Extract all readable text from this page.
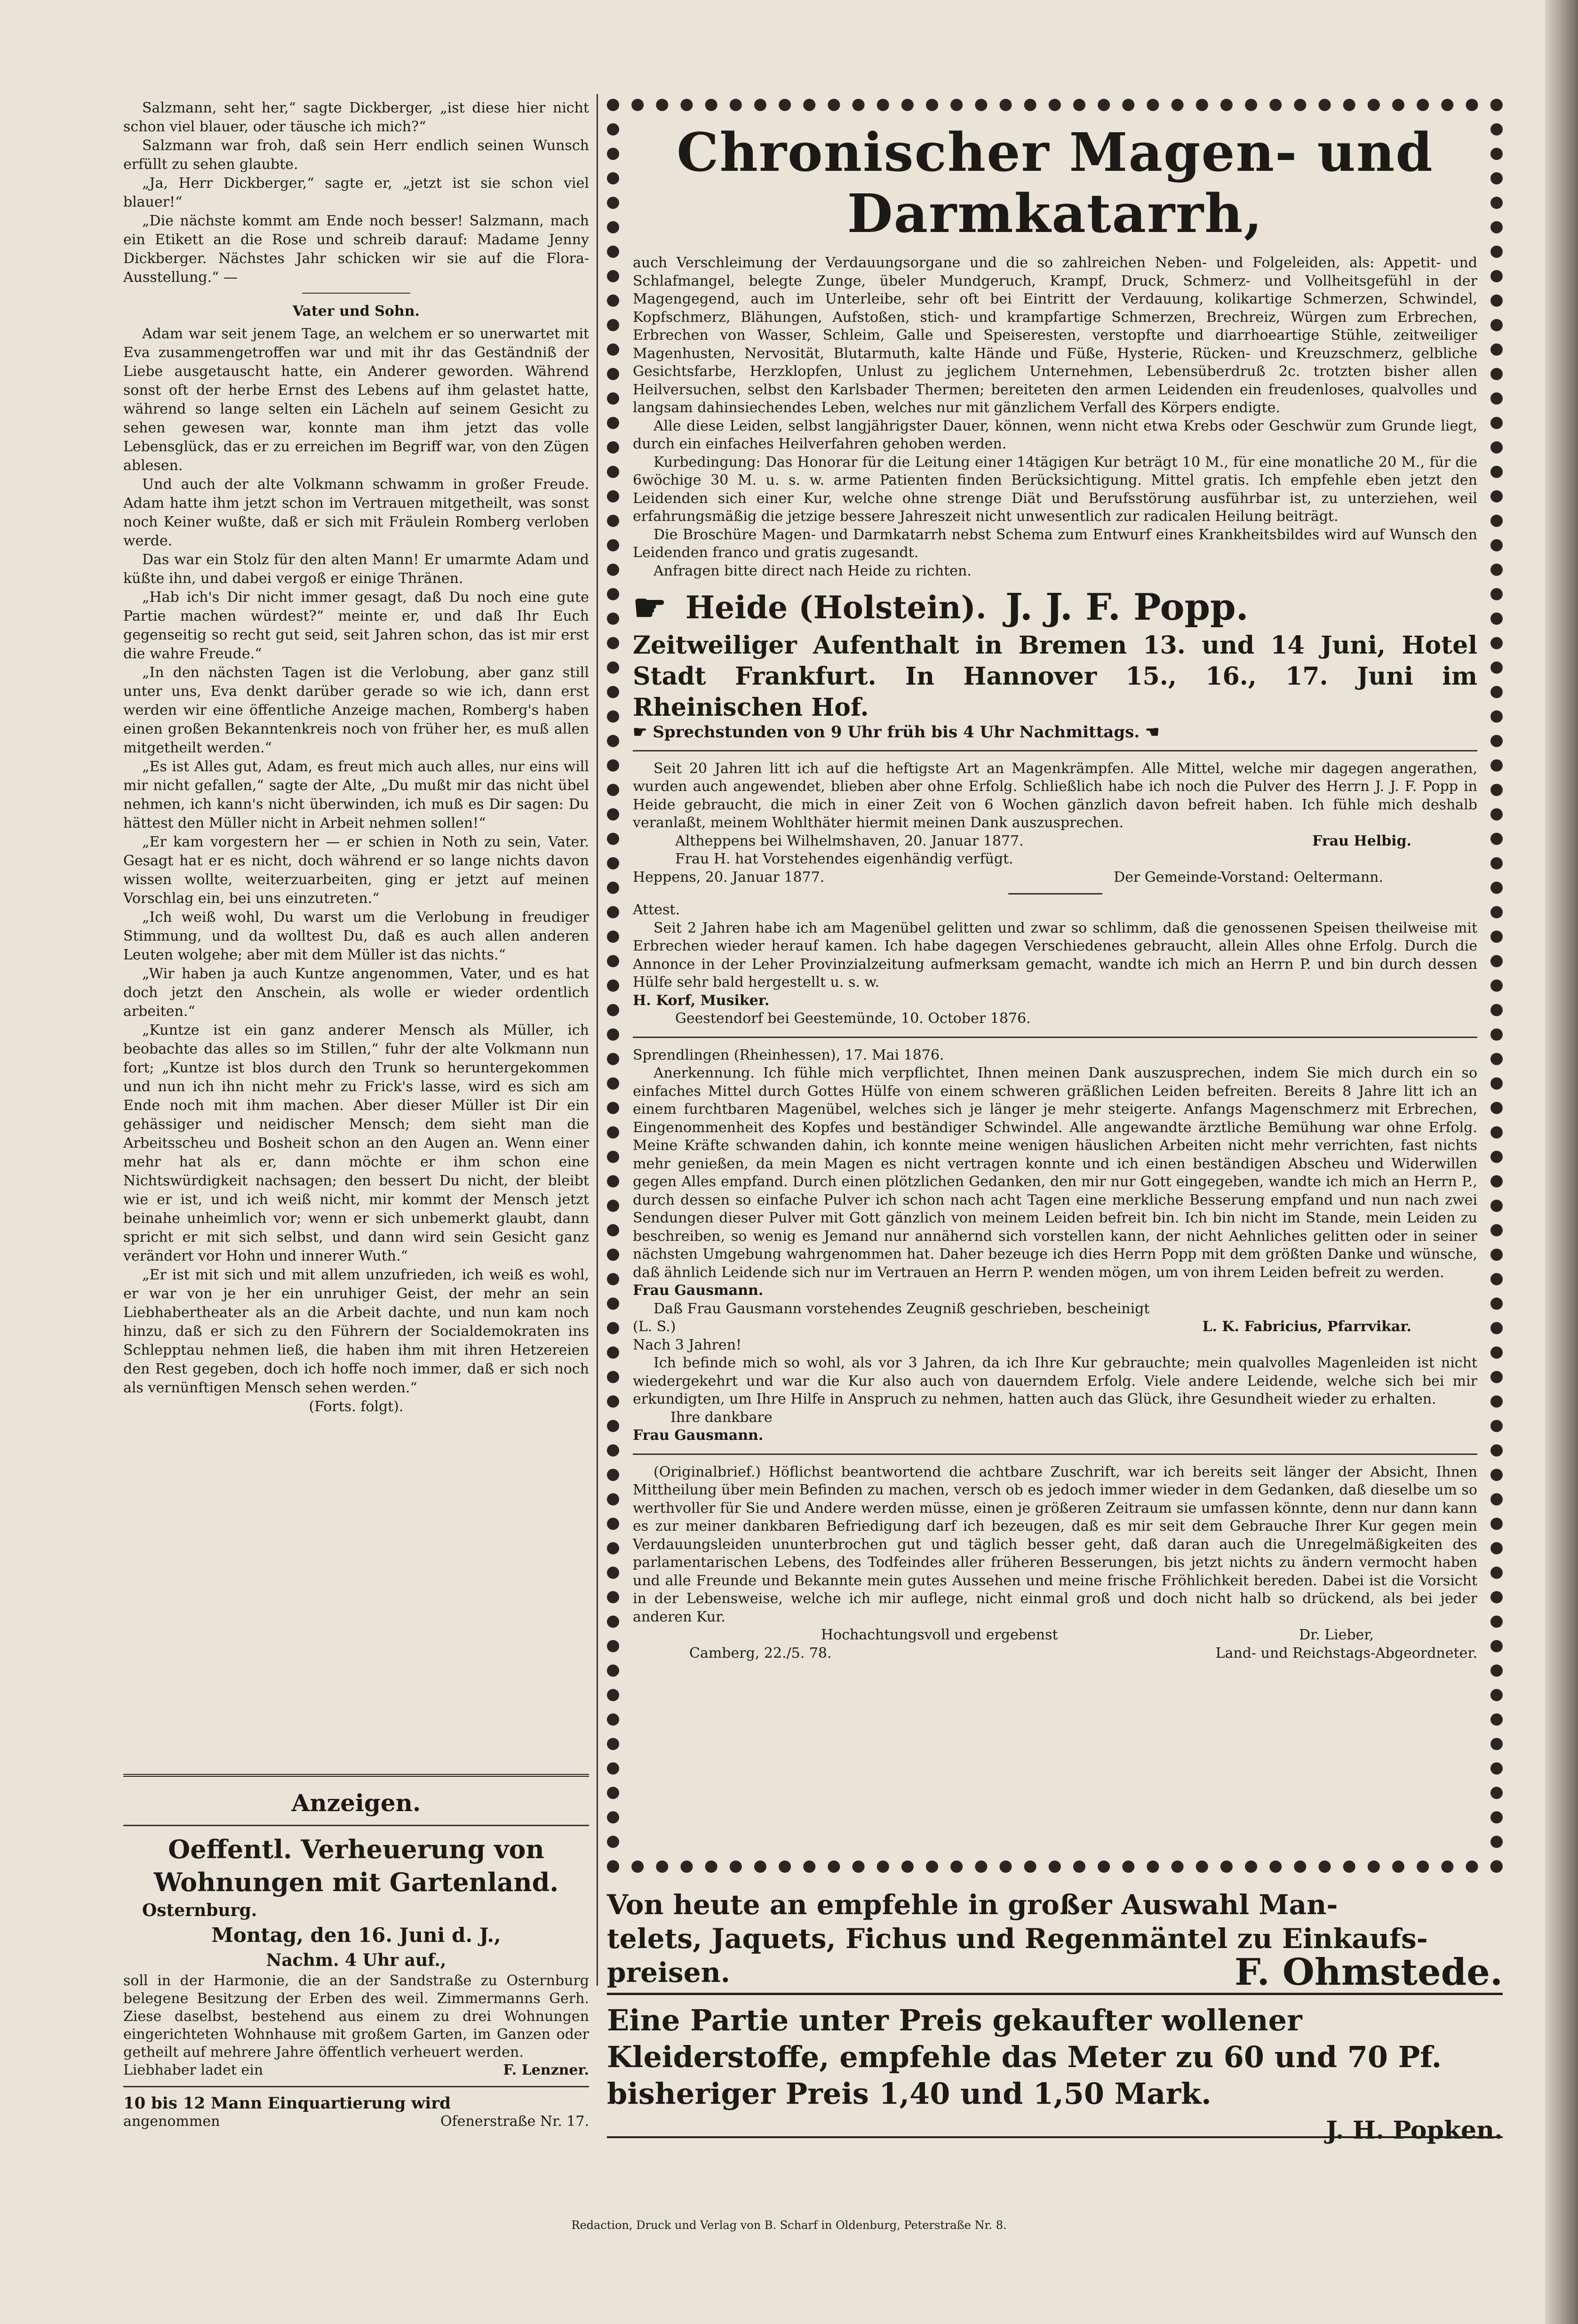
Salzmann, seht her,“ sagte Dickberger, „ist diese hier nicht schon viel blauer, oder täusche ich mich?“

Salzmann war froh, daß sein Herr endlich seinen Wunsch erfüllt zu sehen glaubte.

„Ja, Herr Dickberger,“ sagte er, „jetzt ist sie schon viel blauer!“

„Die nächste kommt am Ende noch besser! Salzmann, mach ein Etikett an die Rose und schreib darauf: Madame Jenny Dickberger. Nächstes Jahr schicken wir sie auf die Flora-Ausstellung.“ —

Vater und Sohn.

Adam war seit jenem Tage, an welchem er so unerwartet mit Eva zusammengetroffen war und mit ihr das Geständniß der Liebe ausgetauscht hatte, ein Anderer geworden. Während sonst oft der herbe Ernst des Lebens auf ihm gelastet hatte, während so lange selten ein Lächeln auf seinem Gesicht zu sehen gewesen war, konnte man ihm jetzt das volle Lebensglück, das er zu erreichen im Begriff war, von den Zügen ablesen.

Und auch der alte Volkmann schwamm in großer Freude. Adam hatte ihm jetzt schon im Vertrauen mitgetheilt, was sonst noch Keiner wußte, daß er sich mit Fräulein Romberg verloben werde.

Das war ein Stolz für den alten Mann! Er umarmte Adam und küßte ihn, und dabei vergoß er einige Thränen.

„Hab ich's Dir nicht immer gesagt, daß Du noch eine gute Partie machen würdest?“ meinte er, und daß Ihr Euch gegenseitig so recht gut seid, seit Jahren schon, das ist mir erst die wahre Freude.“

„In den nächsten Tagen ist die Verlobung, aber ganz still unter uns, Eva denkt darüber gerade so wie ich, dann erst werden wir eine öffentliche Anzeige machen, Romberg's haben einen großen Bekanntenkreis noch von früher her, es muß allen mitgetheilt werden.“

„Es ist Alles gut, Adam, es freut mich auch alles, nur eins will mir nicht gefallen,“ sagte der Alte, „Du mußt mir das nicht übel nehmen, ich kann's nicht überwinden, ich muß es Dir sagen: Du hättest den Müller nicht in Arbeit nehmen sollen!“

„Er kam vorgestern her — er schien in Noth zu sein, Vater. Gesagt hat er es nicht, doch während er so lange nichts davon wissen wollte, weiterzuarbeiten, ging er jetzt auf meinen Vorschlag ein, bei uns einzutreten.“

„Ich weiß wohl, Du warst um die Verlobung in freudiger Stimmung, und da wolltest Du, daß es auch allen anderen Leuten wolgehe; aber mit dem Müller ist das nichts.“

„Wir haben ja auch Kuntze angenommen, Vater, und es hat doch jetzt den Anschein, als wolle er wieder ordentlich arbeiten.“

„Kuntze ist ein ganz anderer Mensch als Müller, ich beobachte das alles so im Stillen,“ fuhr der alte Volkmann nun fort; „Kuntze ist blos durch den Trunk so heruntergekommen und nun ich ihn nicht mehr zu Frick's lasse, wird es sich am Ende noch mit ihm machen. Aber dieser Müller ist Dir ein gehässiger und neidischer Mensch; dem sieht man die Arbeitsscheu und Bosheit schon an den Augen an. Wenn einer mehr hat als er, dann möchte er ihm schon eine Nichtswürdigkeit nachsagen; den bessert Du nicht, der bleibt wie er ist, und ich weiß nicht, mir kommt der Mensch jetzt beinahe unheimlich vor; wenn er sich unbemerkt glaubt, dann spricht er mit sich selbst, und dann wird sein Gesicht ganz verändert vor Hohn und innerer Wuth.“

„Er ist mit sich und mit allem unzufrieden, ich weiß es wohl, er war von je her ein unruhiger Geist, der mehr an sein Liebhabertheater als an die Arbeit dachte, und nun kam noch hinzu, daß er sich zu den Führern der Socialdemokraten ins Schlepptau nehmen ließ, die haben ihm mit ihren Hetzereien den Rest gegeben, doch ich hoffe noch immer, daß er sich noch als vernünftigen Mensch sehen werden.“

(Forts. folgt).

Anzeigen.
Oeffentl. Verheuerung von Wohnungen mit Gartenland.
Osternburg.
Montag, den 16. Juni d. J.,
Nachm. 4 Uhr auf.,
soll in der Harmonie, die an der Sandstraße zu Osternburg belegene Besitzung der Erben des weil. Zimmermanns Gerh. Ziese daselbst, bestehend aus einem zu drei Wohnungen eingerichteten Wohnhause mit großem Garten, im Ganzen oder getheilt auf mehrere Jahre öffentlich verheuert werden.
Liebhaber ladet ein	F. Lenzner.
10 bis 12 Mann Einquartierung wird
angenommen	Ofenerstraße Nr. 17.
Chronischer Magen- und Darmkatarrh,

auch Verschleimung der Verdauungsorgane und die so zahlreichen Neben- und Folgeleiden, als: Appetit- und Schlafmangel, belegte Zunge, übeler Mundgeruch, Krampf, Druck, Schmerz- und Vollheitsgefühl in der Magengegend, auch im Unterleibe, sehr oft bei Eintritt der Verdauung, kolikartige Schmerzen, Schwindel, Kopfschmerz, Blähungen, Aufstoßen, stich- und krampfartige Schmerzen, Brechreiz, Würgen zum Erbrechen, Erbrechen von Wasser, Schleim, Galle und Speiseresten, verstopfte und diarrhoeartige Stühle, zeitweiliger Magenhusten, Nervosität, Blutarmuth, kalte Hände und Füße, Hysterie, Rücken- und Kreuzschmerz, gelbliche Gesichtsfarbe, Herzklopfen, Unlust zu jeglichem Unternehmen, Lebensüberdruß 2c. trotzten bisher allen Heilversuchen, selbst den Karlsbader Thermen; bereiteten den armen Leidenden ein freudenloses, qualvolles und langsam dahinsiechendes Leben, welches nur mit gänzlichem Verfall des Körpers endigte.

Alle diese Leiden, selbst langjährigster Dauer, können, wenn nicht etwa Krebs oder Geschwür zum Grunde liegt, durch ein einfaches Heilverfahren gehoben werden.

Kurbedingung: Das Honorar für die Leitung einer 14tägigen Kur beträgt 10 M., für eine monatliche 20 M., für die 6wöchige 30 M. u. s. w. arme Patienten finden Berücksichtigung. Mittel gratis. Ich empfehle eben jetzt den Leidenden sich einer Kur, welche ohne strenge Diät und Berufsstörung ausführbar ist, zu unterziehen, weil erfahrungsmäßig die jetzige bessere Jahreszeit nicht unwesentlich zur radicalen Heilung beiträgt.

Die Broschüre Magen- und Darmkatarrh nebst Schema zum Entwurf eines Krankheitsbildes wird auf Wunsch den Leidenden franco und gratis zugesandt.

Anfragen bitte direct nach Heide zu richten.

☛ Heide (Holstein). J. J. F. Popp.

Zeitweiliger Aufenthalt in Bremen 13. und 14 Juni, Hotel Stadt Frankfurt. In Hannover 15., 16., 17. Juni im Rheinischen Hof.

☛ Sprechstunden von 9 Uhr früh bis 4 Uhr Nachmittags. ☚

Seit 20 Jahren litt ich auf die heftigste Art an Magenkrämpfen. Alle Mittel, welche mir dagegen angerathen, wurden auch angewendet, blieben aber ohne Erfolg. Schließlich habe ich noch die Pulver des Herrn J. J. F. Popp in Heide gebraucht, die mich in einer Zeit von 6 Wochen gänzlich davon befreit haben. Ich fühle mich deshalb veranlaßt, meinem Wohlthäter hiermit meinen Dank auszusprechen.

Altheppens bei Wilhelmshaven, 20. Januar 1877.	Frau Helbig.

Frau H. hat Vorstehendes eigenhändig verfügt.

Heppens, 20. Januar 1877.	Der Gemeinde-Vorstand: Oeltermann.

Attest.

Seit 2 Jahren habe ich am Magenübel gelitten und zwar so schlimm, daß die genossenen Speisen theilweise mit Erbrechen wieder herauf kamen. Ich habe dagegen Verschiedenes gebraucht, allein Alles ohne Erfolg. Durch die Annonce in der Leher Provinzialzeitung aufmerksam gemacht, wandte ich mich an Herrn P. und bin durch dessen Hülfe sehr bald hergestellt u. s. w.

H. Korf, Musiker.

Geestendorf bei Geestemünde, 10. October 1876.

Sprendlingen (Rheinhessen), 17. Mai 1876.

Anerkennung. Ich fühle mich verpflichtet, Ihnen meinen Dank auszusprechen, indem Sie mich durch ein so einfaches Mittel durch Gottes Hülfe von einem schweren gräßlichen Leiden befreiten. Bereits 8 Jahre litt ich an einem furchtbaren Magenübel, welches sich je länger je mehr steigerte. Anfangs Magenschmerz mit Erbrechen, Eingenommenheit des Kopfes und beständiger Schwindel. Alle angewandte ärztliche Bemühung war ohne Erfolg. Meine Kräfte schwanden dahin, ich konnte meine wenigen häuslichen Arbeiten nicht mehr verrichten, fast nichts mehr genießen, da mein Magen es nicht vertragen konnte und ich einen beständigen Abscheu und Widerwillen gegen Alles empfand. Durch einen plötzlichen Gedanken, den mir nur Gott eingegeben, wandte ich mich an Herrn P., durch dessen so einfache Pulver ich schon nach acht Tagen eine merkliche Besserung empfand und nun nach zwei Sendungen dieser Pulver mit Gott gänzlich von meinem Leiden befreit bin. Ich bin nicht im Stande, mein Leiden zu beschreiben, so wenig es Jemand nur annähernd sich vorstellen kann, der nicht Aehnliches gelitten oder in seiner nächsten Umgebung wahrgenommen hat. Daher bezeuge ich dies Herrn Popp mit dem größten Danke und wünsche, daß ähnlich Leidende sich nur im Vertrauen an Herrn P. wenden mögen, um von ihrem Leiden befreit zu werden.

Frau Gausmann.

Daß Frau Gausmann vorstehendes Zeugniß geschrieben, bescheinigt

(L. S.)	L. K. Fabricius, Pfarrvikar.

Nach 3 Jahren!

Ich befinde mich so wohl, als vor 3 Jahren, da ich Ihre Kur gebrauchte; mein qualvolles Magenleiden ist nicht wiedergekehrt und war die Kur also auch von dauerndem Erfolg. Viele andere Leidende, welche sich bei mir erkundigten, um Ihre Hilfe in Anspruch zu nehmen, hatten auch das Glück, ihre Gesundheit wieder zu erhalten.

Ihre dankbare

Frau Gausmann.

(Originalbrief.) Höflichst beantwortend die achtbare Zuschrift, war ich bereits seit länger der Absicht, Ihnen Mittheilung über mein Befinden zu machen, versch ob es jedoch immer wieder in dem Gedanken, daß dieselbe um so werthvoller für Sie und Andere werden müsse, einen je größeren Zeitraum sie umfassen könnte, denn nur dann kann es zur meiner dankbaren Befriedigung darf ich bezeugen, daß es mir seit dem Gebrauche Ihrer Kur gegen mein Verdauungsleiden ununterbrochen gut und täglich besser geht, daß daran auch die Unregelmäßigkeiten des parlamentarischen Lebens, des Todfeindes aller früheren Besserungen, bis jetzt nichts zu ändern vermocht haben und alle Freunde und Bekannte mein gutes Aussehen und meine frische Fröhlichkeit bereden. Dabei ist die Vorsicht in der Lebensweise, welche ich mir auflege, nicht einmal groß und doch nicht halb so drückend, als bei jeder anderen Kur.

Hochachtungsvoll und ergebenst	Dr. Lieber,
Camberg, 22./5. 78.	Land- und Reichstags-Abgeordneter.
Von heute an empfehle in großer Auswahl Man-
telets, Jaquets, Fichus und Regenmäntel zu Einkaufs-
preisen.	F. Ohmstede.
Eine Partie unter Preis gekaufter wollener
Kleiderstoffe, empfehle das Meter zu 60 und 70 Pf.
bisheriger Preis 1,40 und 1,50 Mark.
J. H. Popken.
Redaction, Druck und Verlag von B. Scharf in Oldenburg, Peterstraße Nr. 8.
